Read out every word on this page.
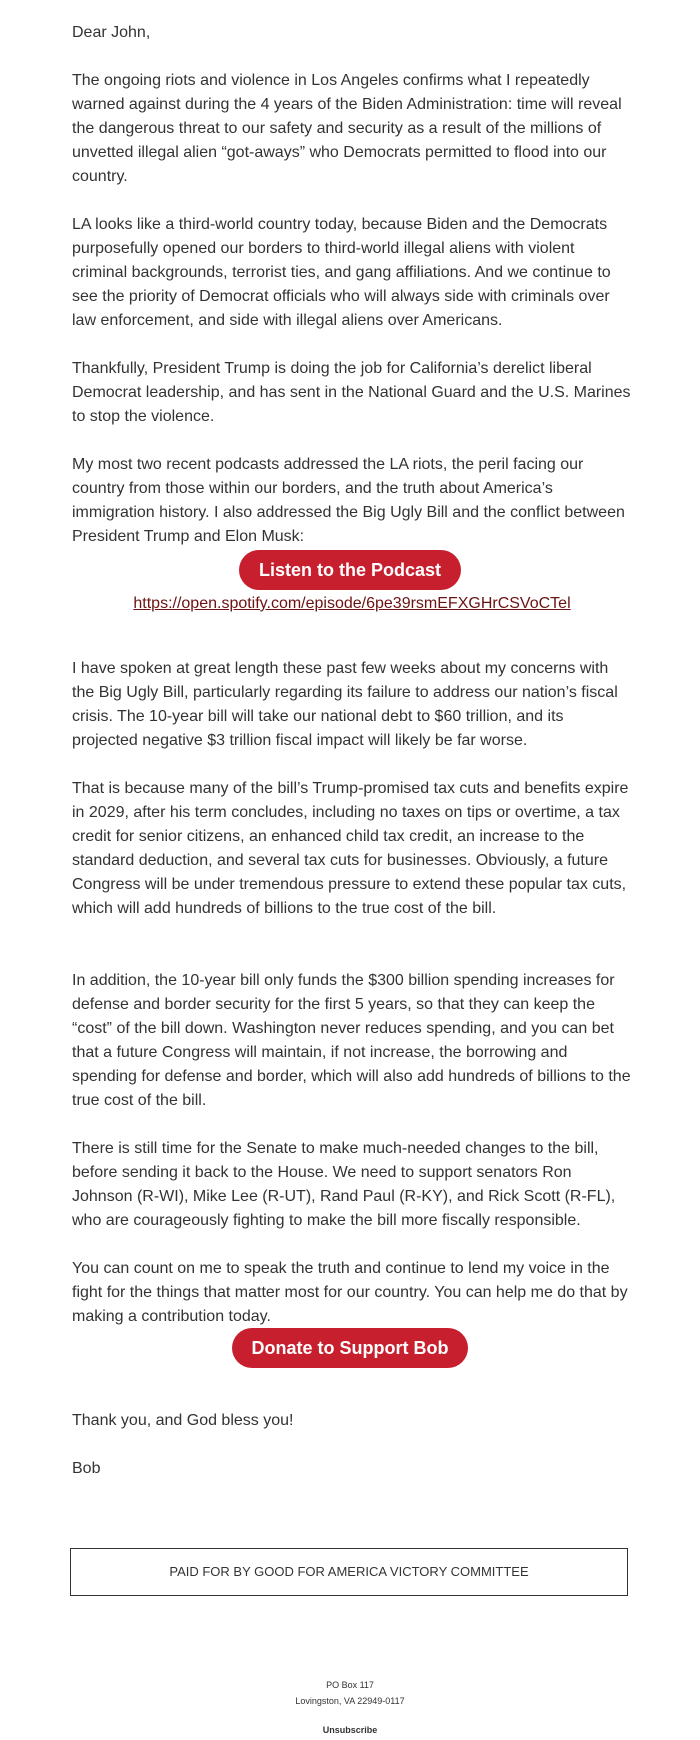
Dear John,

The ongoing riots and violence in Los Angeles confirms what I repeatedly warned against during the 4 years of the Biden Administration: time will reveal the dangerous threat to our safety and security as a result of the millions of unvetted illegal alien “got-aways” who Democrats permitted to flood into our country.

LA looks like a third-world country today, because Biden and the Democrats purposefully opened our borders to third-world illegal aliens with violent criminal backgrounds, terrorist ties, and gang affiliations. And we continue to see the priority of Democrat officials who will always side with criminals over law enforcement, and side with illegal aliens over Americans.

Thankfully, President Trump is doing the job for California’s derelict liberal Democrat leadership, and has sent in the National Guard and the U.S. Marines to stop the violence.

My most two recent podcasts addressed the LA riots, the peril facing our country from those within our borders, and the truth about America’s immigration history. I also addressed the Big Ugly Bill and the conflict between President Trump and Elon Musk:

Listen to the Podcast
https://open.spotify.com/episode/6pe39rsmEFXGHrCSVoCTel

I have spoken at great length these past few weeks about my concerns with the Big Ugly Bill, particularly regarding its failure to address our nation’s fiscal crisis. The 10-year bill will take our national debt to $60 trillion, and its projected negative $3 trillion fiscal impact will likely be far worse.

That is because many of the bill’s Trump-promised tax cuts and benefits expire in 2029, after his term concludes, including no taxes on tips or overtime, a tax credit for senior citizens, an enhanced child tax credit, an increase to the standard deduction, and several tax cuts for businesses. Obviously, a future Congress will be under tremendous pressure to extend these popular tax cuts, which will add hundreds of billions to the true cost of the bill.

In addition, the 10-year bill only funds the $300 billion spending increases for defense and border security for the first 5 years, so that they can keep the “cost” of the bill down. Washington never reduces spending, and you can bet that a future Congress will maintain, if not increase, the borrowing and spending for defense and border, which will also add hundreds of billions to the true cost of the bill.

There is still time for the Senate to make much-needed changes to the bill, before sending it back to the House. We need to support senators Ron Johnson (R-WI), Mike Lee (R-UT), Rand Paul (R-KY), and Rick Scott (R-FL), who are courageously fighting to make the bill more fiscally responsible.

You can count on me to speak the truth and continue to lend my voice in the fight for the things that matter most for our country. You can help me do that by making a contribution today.

Donate to Support Bob

Thank you, and God bless you!

Bob

PAID FOR BY GOOD FOR AMERICA VICTORY COMMITTEE
PO Box 117
Lovingston, VA 22949-0117
Unsubscribe
